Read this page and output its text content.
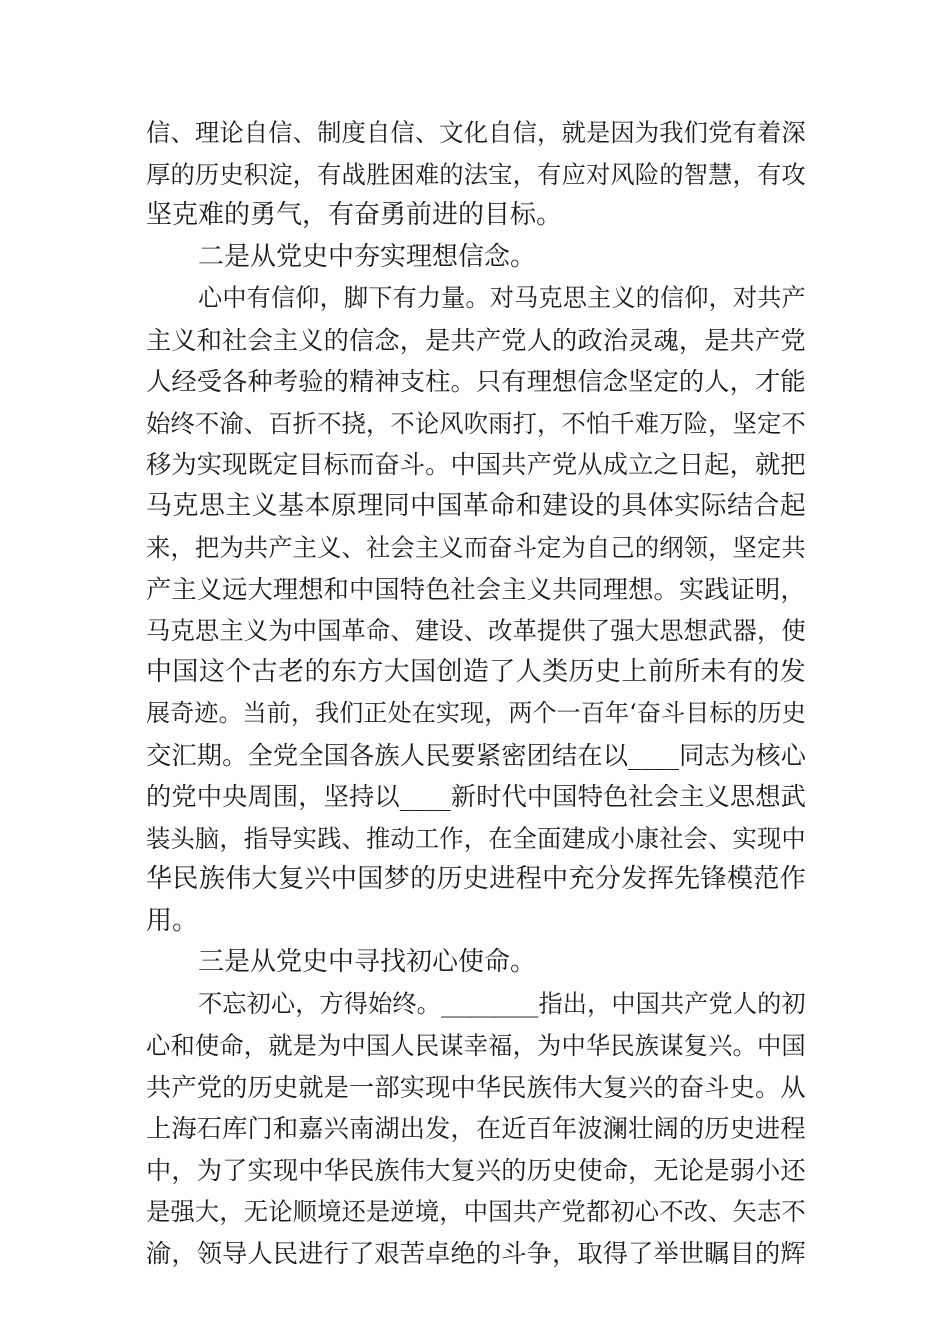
信 、 理 论 自 信 、 制 度 自 信 、 文 化 自 信 ， 就 是 因 为 我 们 党 有 着 深
厚 的 历 史 积 淀 ， 有 战 胜 困 难 的 法 宝 ， 有 应 对 风 险 的 智 慧 ， 有 攻
坚克难的勇气，有奋勇前进的目标。
二是从党史中夯实理想信念。
心 中 有 信 仰 ， 脚 下 有 力 量 。 对 马 克 思 主 义 的 信 仰 ， 对 共 产
主 义 和 社 会 主 义 的 信 念 ， 是 共 产 党 人 的 政 治 灵 魂 ， 是 共 产 党
人 经 受 各 种 考 验 的 精 神 支 柱 。 只 有 理 想 信 念 坚 定 的 人 ， 才 能
始 终 不 渝 、 百 折 不 挠 ， 不 论 风 吹 雨 打 ， 不 怕 千 难 万 险 ， 坚 定 不
移 为 实 现 既 定 目 标 而 奋 斗 。 中 国 共 产 党 从 成 立 之 日 起 ， 就 把
马 克 思 主 义 基 本 原 理 同 中 国 革 命 和 建 设 的 具 体 实 际 结 合 起
来 ， 把 为 共 产 主 义 、 社 会 主 义 而 奋 斗 定 为 自 己 的 纲 领 ， 坚 定 共
产 主 义 远 大 理 想 和 中 国 特 色 社 会 主 义 共 同 理 想 。 实 践 证 明 ，
马 克 思 主 义 为 中 国 革 命 、 建 设 、 改 革 提 供 了 强 大 思 想 武 器 ， 使
中 国 这 个 古 老 的 东 方 大 国 创 造 了 人 类 历 史 上 前 所 未 有 的 发
展 奇 迹 。 当 前 ， 我 们 正 处 在 实 现 ， 两 个 一 百 年 ‘ 奋 斗 目 标 的 历 史
交 汇 期 。 全 党 全 国 各 族 人 民 要 紧 密 团 结 在 以 _ _ _ _ 同 志 为 核 心
的 党 中 央 周 围 ， 坚 持 以 _ _ _ _ 新 时 代 中 国 特 色 社 会 主 义 思 想 武
装 头 脑 ， 指 导 实 践 、 推 动 工 作 ， 在 全 面 建 成 小 康 社 会 、 实 现 中
华 民 族 伟 大 复 兴 中 国 梦 的 历 史 进 程 中 充 分 发 挥 先 锋 模 范 作
用。
三是从党史中寻找初心使命。
不 忘 初 心 ， 方 得 始 终 。 _ _ _ _ _ _ _ _ 指 出 ， 中 国 共 产 党 人 的 初
心 和 使 命 ， 就 是 为 中 国 人 民 谋 幸 福 ， 为 中 华 民 族 谋 复 兴 。 中 国
共 产 党 的 历 史 就 是 一 部 实 现 中 华 民 族 伟 大 复 兴 的 奋 斗 史 。 从
上 海 石 库 门 和 嘉 兴 南 湖 出 发 ， 在 近 百 年 波 澜 壮 阔 的 历 史 进 程
中 ， 为 了 实 现 中 华 民 族 伟 大 复 兴 的 历 史 使 命 ， 无 论 是 弱 小 还
是 强 大 ， 无 论 顺 境 还 是 逆 境 ， 中 国 共 产 党 都 初 心 不 改 、 矢 志 不
渝 ， 领 导 人 民 进 行 了 艰 苦 卓 绝 的 斗 争 ， 取 得 了 举 世 瞩 目 的 辉
